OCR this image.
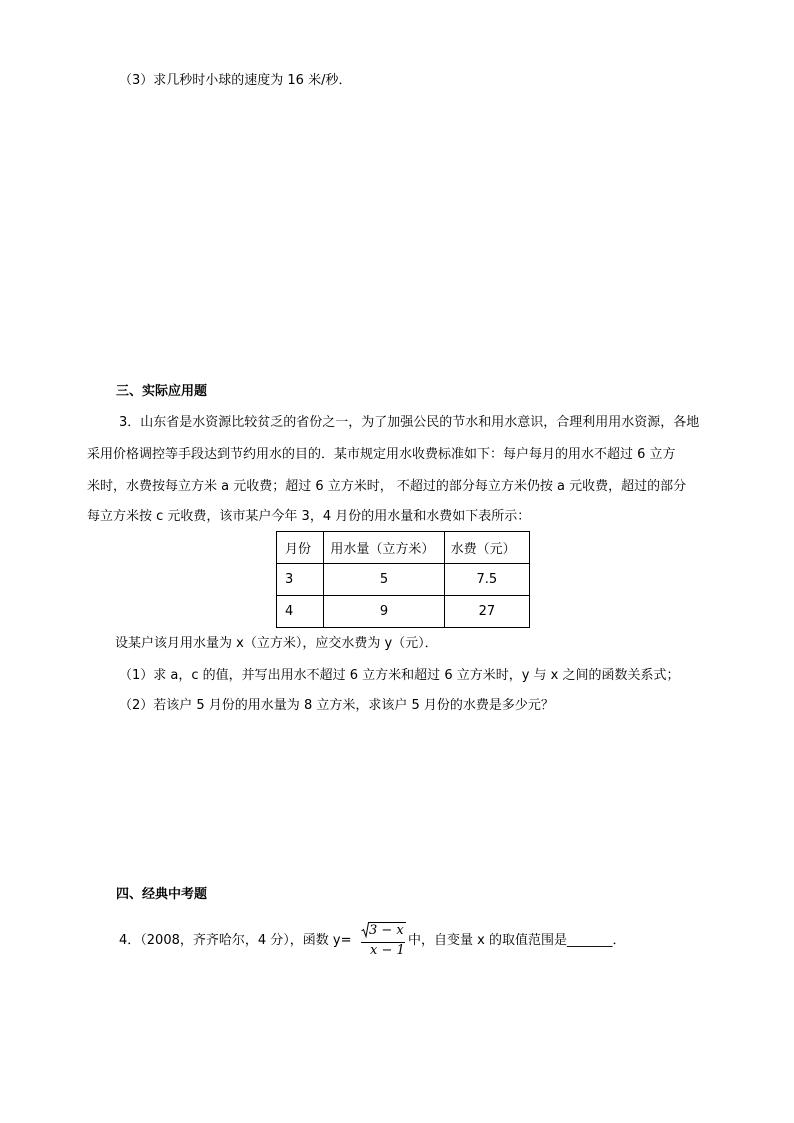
（3）求几秒时小球的速度为 16 米/秒．
三、实际应用题
3．山东省是水资源比较贫乏的省份之一，为了加强公民的节水和用水意识，合理利用用水资源，各地
采用价格调控等手段达到节约用水的目的．某市规定用水收费标准如下：每户每月的用水不超过 6 立方
米时，水费按每立方米 a 元收费；超过 6 立方米时， 不超过的部分每立方米仍按 a 元收费，超过的部分
每立方米按 c 元收费，该市某户今年 3，4 月份的用水量和水费如下表所示：
月份	用水量（立方米）	水费（元）
3	5	7.5
4	9	27
设某户该月用水量为 x（立方米），应交水费为 y（元）．
（1）求 a，c 的值，并写出用水不超过 6 立方米和超过 6 立方米时，y 与 x 之间的函数关系式；
（2）若该户 5 月份的用水量为 8 立方米，求该户 5 月份的水费是多少元？
四、经典中考题
4．（2008，齐齐哈尔，4 分），函数 y=
3 − x
x − 1
中，自变量 x 的取值范围是_______．
